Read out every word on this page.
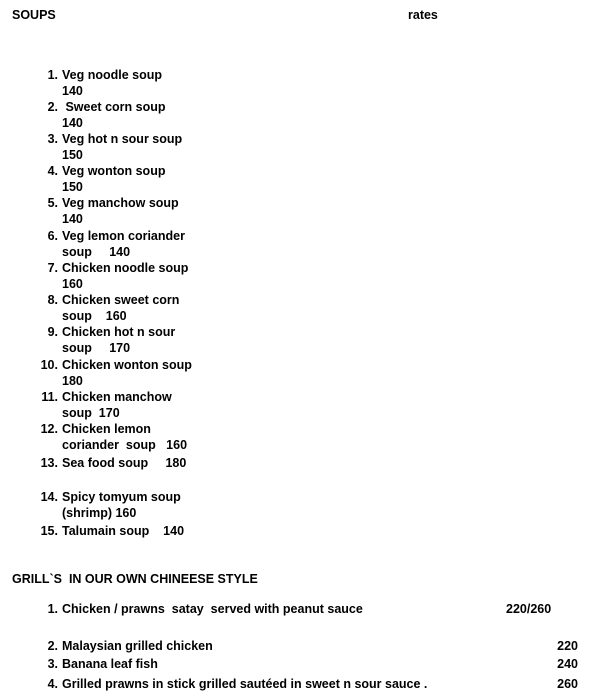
SOUPS	rates
1. Veg noodle soup
140
2. Sweet corn soup
140
3. Veg hot n sour soup
150
4. Veg wonton soup
150
5. Veg manchow soup
140
6. Veg lemon coriander
soup     140
7. Chicken noodle soup
160
8. Chicken sweet corn
soup    160
9. Chicken hot n sour
soup     170
10. Chicken wonton soup
180
11. Chicken manchow
soup  170
12. Chicken lemon
coriander  soup   160
13. Sea food soup     180
14. Spicy tomyum soup
(shrimp) 160
15. Talumain soup    140
GRILL`S  IN OUR OWN CHINEESE STYLE
1. Chicken / prawns  satay  served with peanut sauce	220/260
2. Malaysian grilled chicken	220
3. Banana leaf fish	240
4. Grilled prawns in stick grilled sautéed in sweet n sour sauce .	260
